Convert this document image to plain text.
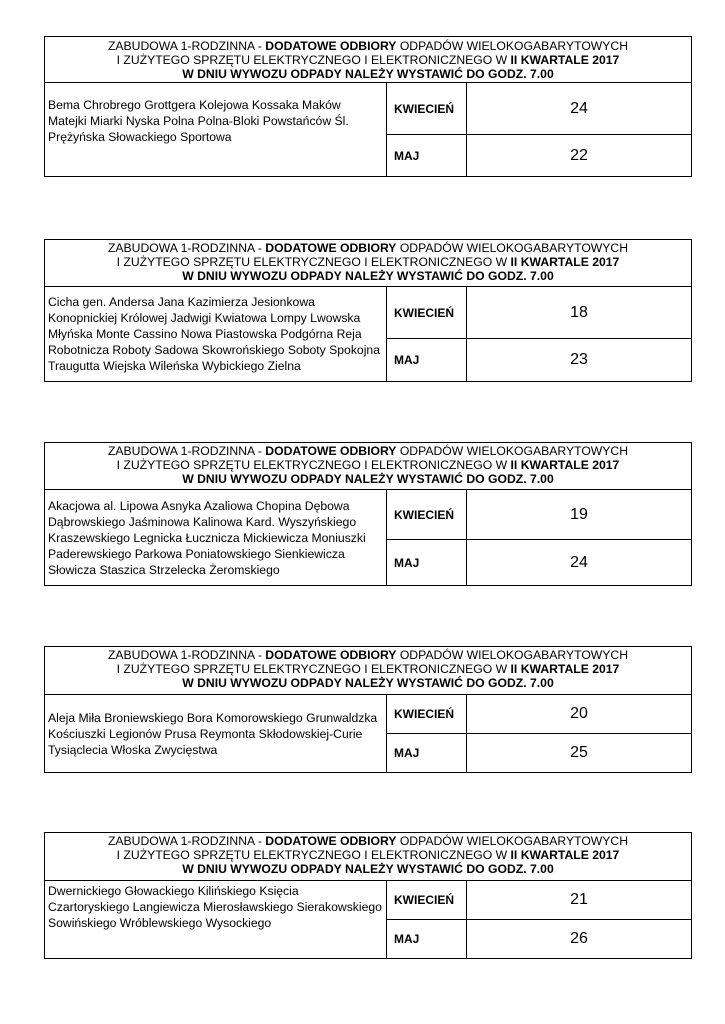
ZABUDOWA 1-RODZINNA - DODATOWE ODBIORY ODPADÓW WIELOKOGABARYTOWYCH
I ZUŻYTEGO SPRZĘTU ELEKTRYCZNEGO I ELEKTRONICZNEGO W II KWARTALE 2017
W DNIU WYWOZU ODPADY NALEŻY WYSTAWIĆ DO GODZ. 7.00
Bema Chrobrego Grottgera Kolejowa Kossaka Maków Matejki Miarki Nyska Polna Polna-Bloki Powstańców Śl. Prężyńska Słowackiego Sportowa
KWIECIEŃ	24
MAJ	22
ZABUDOWA 1-RODZINNA - DODATOWE ODBIORY ODPADÓW WIELOKOGABARYTOWYCH
I ZUŻYTEGO SPRZĘTU ELEKTRYCZNEGO I ELEKTRONICZNEGO W II KWARTALE 2017
W DNIU WYWOZU ODPADY NALEŻY WYSTAWIĆ DO GODZ. 7.00
Cicha gen. Andersa Jana Kazimierza Jesionkowa Konopnickiej Królowej Jadwigi Kwiatowa Lompy Lwowska Młyńska Monte Cassino Nowa Piastowska Podgórna Reja Robotnicza Roboty Sadowa Skowrońskiego Soboty Spokojna Traugutta Wiejska Wileńska Wybickiego Zielna
KWIECIEŃ	18
MAJ	23
ZABUDOWA 1-RODZINNA - DODATOWE ODBIORY ODPADÓW WIELOKOGABARYTOWYCH
I ZUŻYTEGO SPRZĘTU ELEKTRYCZNEGO I ELEKTRONICZNEGO W II KWARTALE 2017
W DNIU WYWOZU ODPADY NALEŻY WYSTAWIĆ DO GODZ. 7.00
Akacjowa al. Lipowa Asnyka Azaliowa Chopina Dębowa Dąbrowskiego Jaśminowa Kalinowa Kard. Wyszyńskiego Kraszewskiego Legnicka Łucznicza Mickiewicza Moniuszki Paderewskiego Parkowa Poniatowskiego Sienkiewicza Słowicza Staszica Strzelecka Żeromskiego
KWIECIEŃ	19
MAJ	24
ZABUDOWA 1-RODZINNA - DODATOWE ODBIORY ODPADÓW WIELOKOGABARYTOWYCH
I ZUŻYTEGO SPRZĘTU ELEKTRYCZNEGO I ELEKTRONICZNEGO W II KWARTALE 2017
W DNIU WYWOZU ODPADY NALEŻY WYSTAWIĆ DO GODZ. 7.00
Aleja Miła Broniewskiego Bora Komorowskiego Grunwaldzka Kościuszki Legionów Prusa Reymonta Skłodowskiej-Curie Tysiąclecia Włoska Zwycięstwa
KWIECIEŃ	20
MAJ	25
ZABUDOWA 1-RODZINNA - DODATOWE ODBIORY ODPADÓW WIELOKOGABARYTOWYCH
I ZUŻYTEGO SPRZĘTU ELEKTRYCZNEGO I ELEKTRONICZNEGO W II KWARTALE 2017
W DNIU WYWOZU ODPADY NALEŻY WYSTAWIĆ DO GODZ. 7.00
Dwernickiego Głowackiego Kilińskiego Księcia Czartoryskiego Langiewicza Mierosławskiego Sierakowskiego Sowińskiego Wróblewskiego Wysockiego
KWIECIEŃ	21
MAJ	26
